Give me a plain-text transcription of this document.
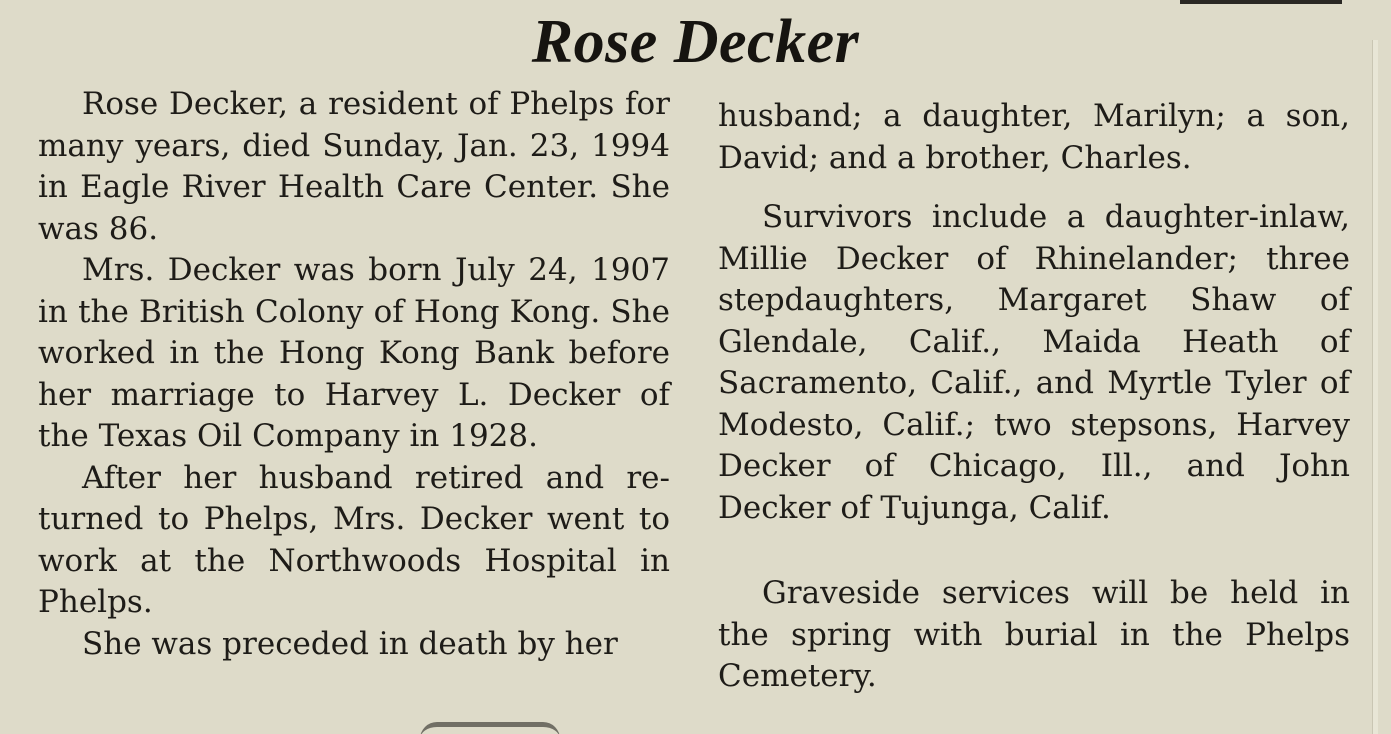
Rose Decker

Rose Decker, a resident of Phelps for many years, died Sunday, Jan. 23, 1994 in Eagle River Health Care Center. She was 86.

Mrs. Decker was born July 24, 1907 in the British Colony of Hong Kong. She worked in the Hong Kong Bank before her marriage to Harvey L. Decker of the Texas Oil Company in 1928.

After her husband retired and returned to Phelps, Mrs. Decker went to work at the Northwoods Hospital in Phelps.

She was preceded in death by her

husband; a daughter, Marilyn; a son, David; and a brother, Charles.

Survivors include a daughter-inlaw, Millie Decker of Rhinelander; three stepdaughters, Margaret Shaw of Glendale, Calif., Maida Heath of Sacramento, Calif., and Myrtle Tyler of Modesto, Calif.; two stepsons, Harvey Decker of Chicago, Ill., and John Decker of Tujunga, Calif.

Graveside services will be held in the spring with burial in the Phelps Cemetery.
